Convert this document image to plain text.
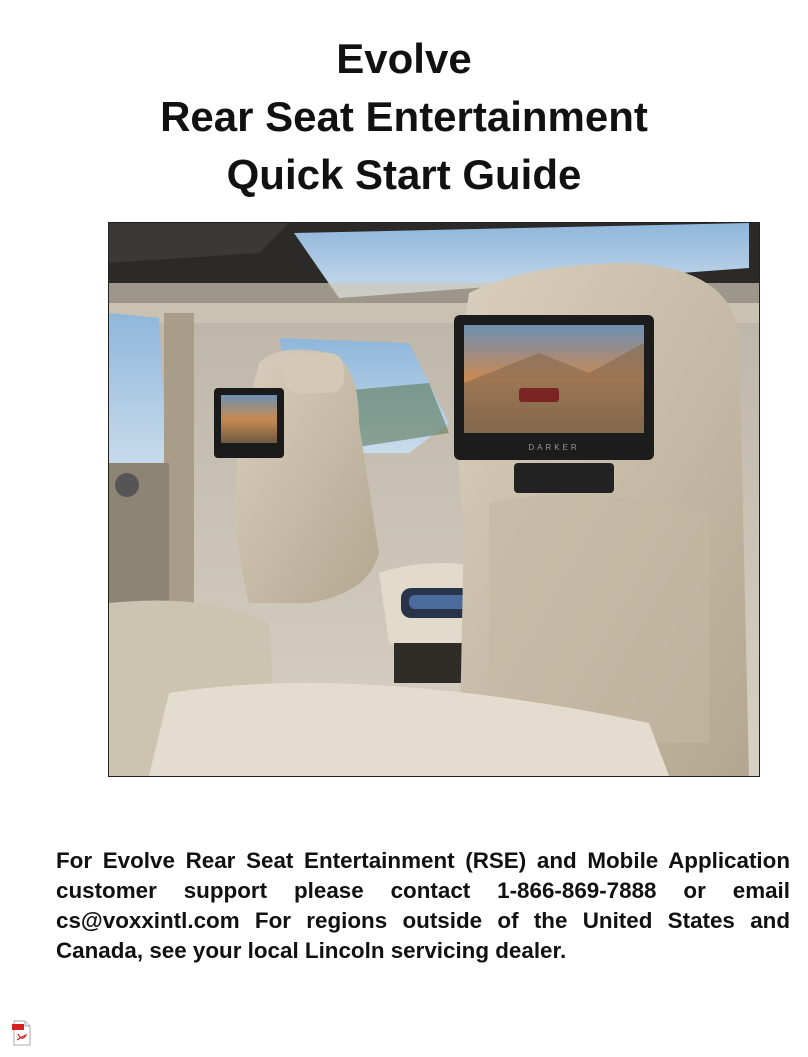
Evolve

Rear Seat Entertainment

Quick Start Guide

DARKER

For Evolve Rear Seat Entertainment (RSE) and Mobile Application customer support please contact 1-866-869-7888 or email cs@voxxintl.com For regions outside of the United States and Canada, see your local Lincoln servicing dealer.
